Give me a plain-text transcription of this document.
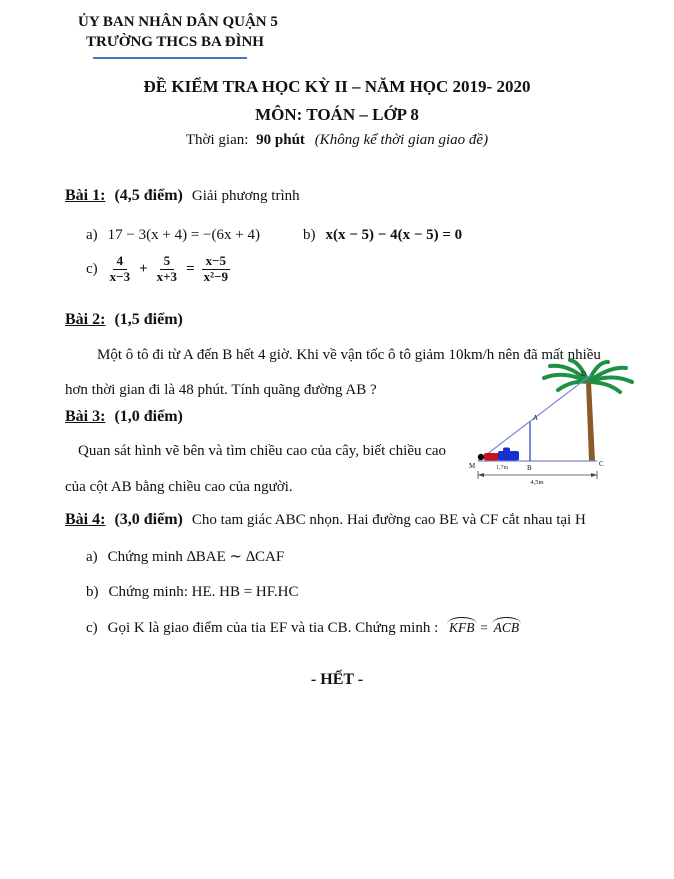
ỦY BAN NHÂN DÂN QUẬN 5
TRƯỜNG THCS BA ĐÌNH
ĐỀ KIỂM TRA HỌC KỲ II – NĂM HỌC 2019- 2020
MÔN: TOÁN – LỚP 8
Thời gian: 90 phút (Không kể thời gian giao đề)
Bài 1: (4,5 điểm) Giải phương trình
a) 17 − 3(x + 4) = −(6x + 4)	b) x(x − 5) − 4(x − 5) = 0
$c) \frac{4}{x-3} + \frac{5}{x+3} = \frac{x-5}{\text{x²−9}}$
Bài 2: (1,5 điểm)
Một ô tô đi từ A đến B hết 4 giờ. Khi về vận tốc ô tô giảm 10km/h nên đã mất nhiều
hơn thời gian đi là 48 phút. Tính quãng đường AB ?
Bài 3: (1,0 điểm)
Quan sát hình vẽ bên và tìm chiều cao của cây, biết chiều cao
của cột AB bằng chiều cao của người.
M
A
B	C
D
1,7m
4,5m
Bài 4: (3,0 điểm) Cho tam giác ABC nhọn. Hai đường cao BE và CF cắt nhau tại H
a) Chứng minh ∆BAE ∼ ∆CAF
b) Chứng minh: HE. HB = HF.HC
c) Gọi K là giao điểm của tia EF và tia CB. Chứng minh : KFB = ACB
- HẾT -
